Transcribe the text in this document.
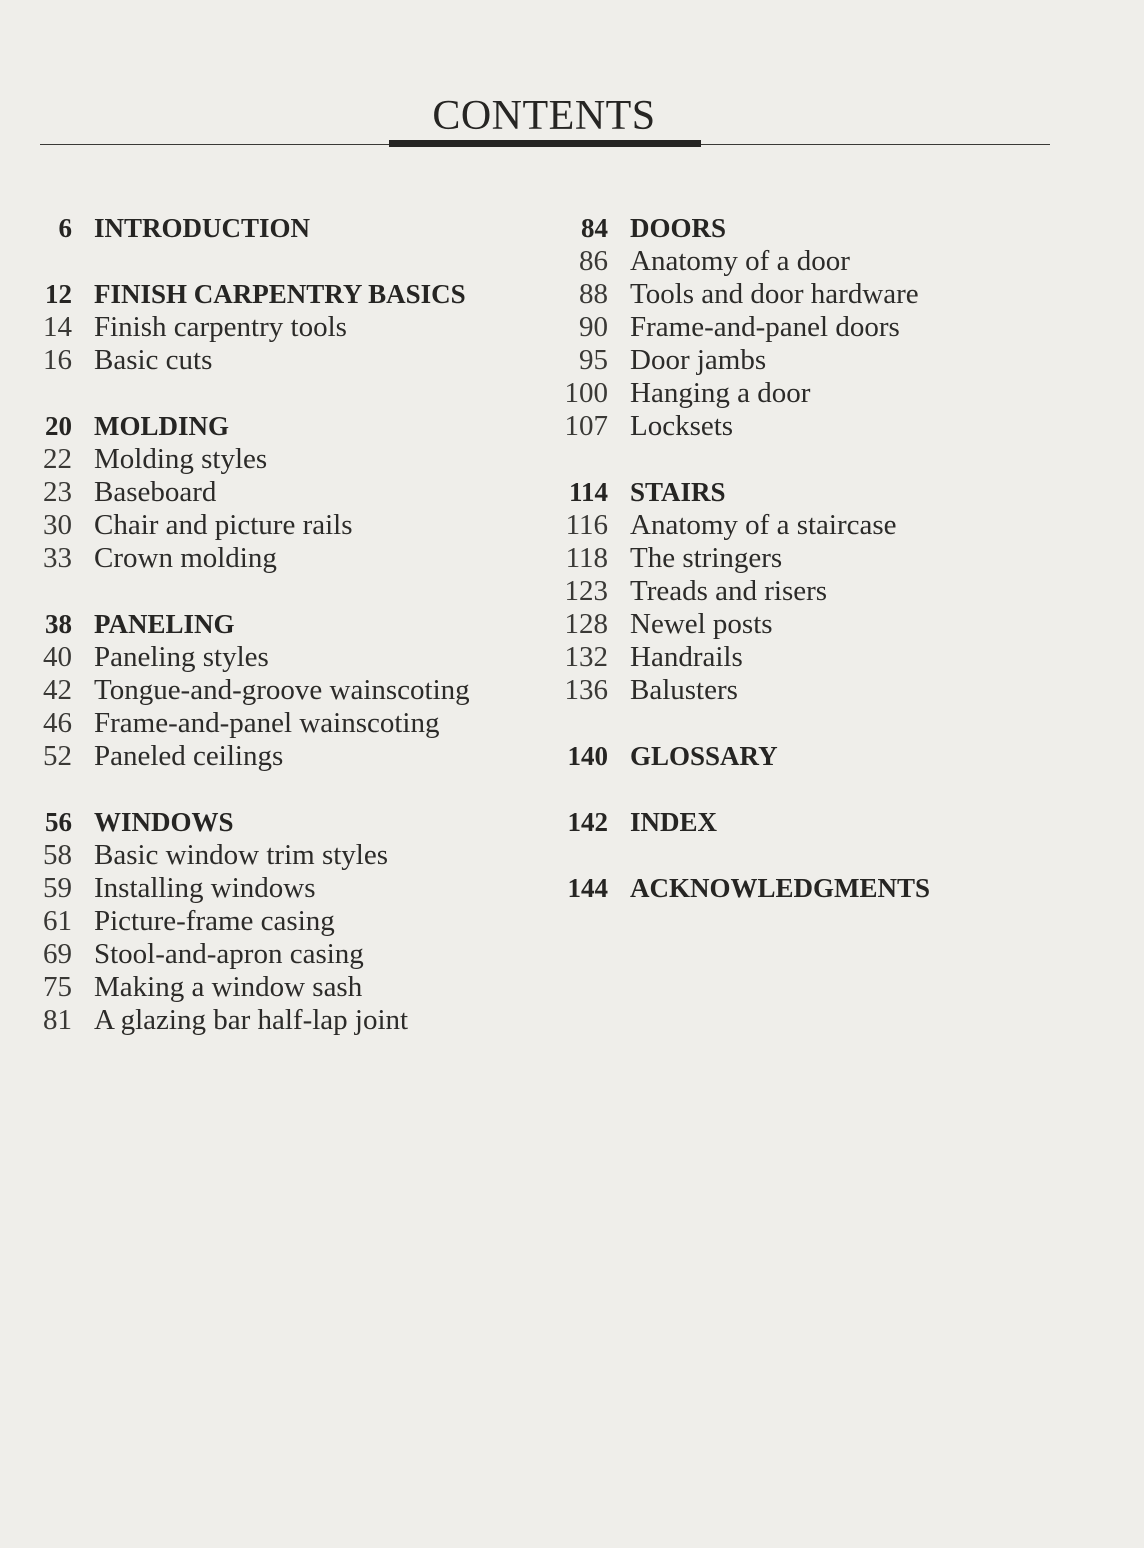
CONTENTS
6 INTRODUCTION
12 FINISH CARPENTRY BASICS
14 Finish carpentry tools
16 Basic cuts
20 MOLDING
22 Molding styles
23 Baseboard
30 Chair and picture rails
33 Crown molding
38 PANELING
40 Paneling styles
42 Tongue-and-groove wainscoting
46 Frame-and-panel wainscoting
52 Paneled ceilings
56 WINDOWS
58 Basic window trim styles
59 Installing windows
61 Picture-frame casing
69 Stool-and-apron casing
75 Making a window sash
81 A glazing bar half-lap joint
84 DOORS
86 Anatomy of a door
88 Tools and door hardware
90 Frame-and-panel doors
95 Door jambs
100 Hanging a door
107 Locksets
114 STAIRS
116 Anatomy of a staircase
118 The stringers
123 Treads and risers
128 Newel posts
132 Handrails
136 Balusters
140 GLOSSARY
142 INDEX
144 ACKNOWLEDGMENTS
